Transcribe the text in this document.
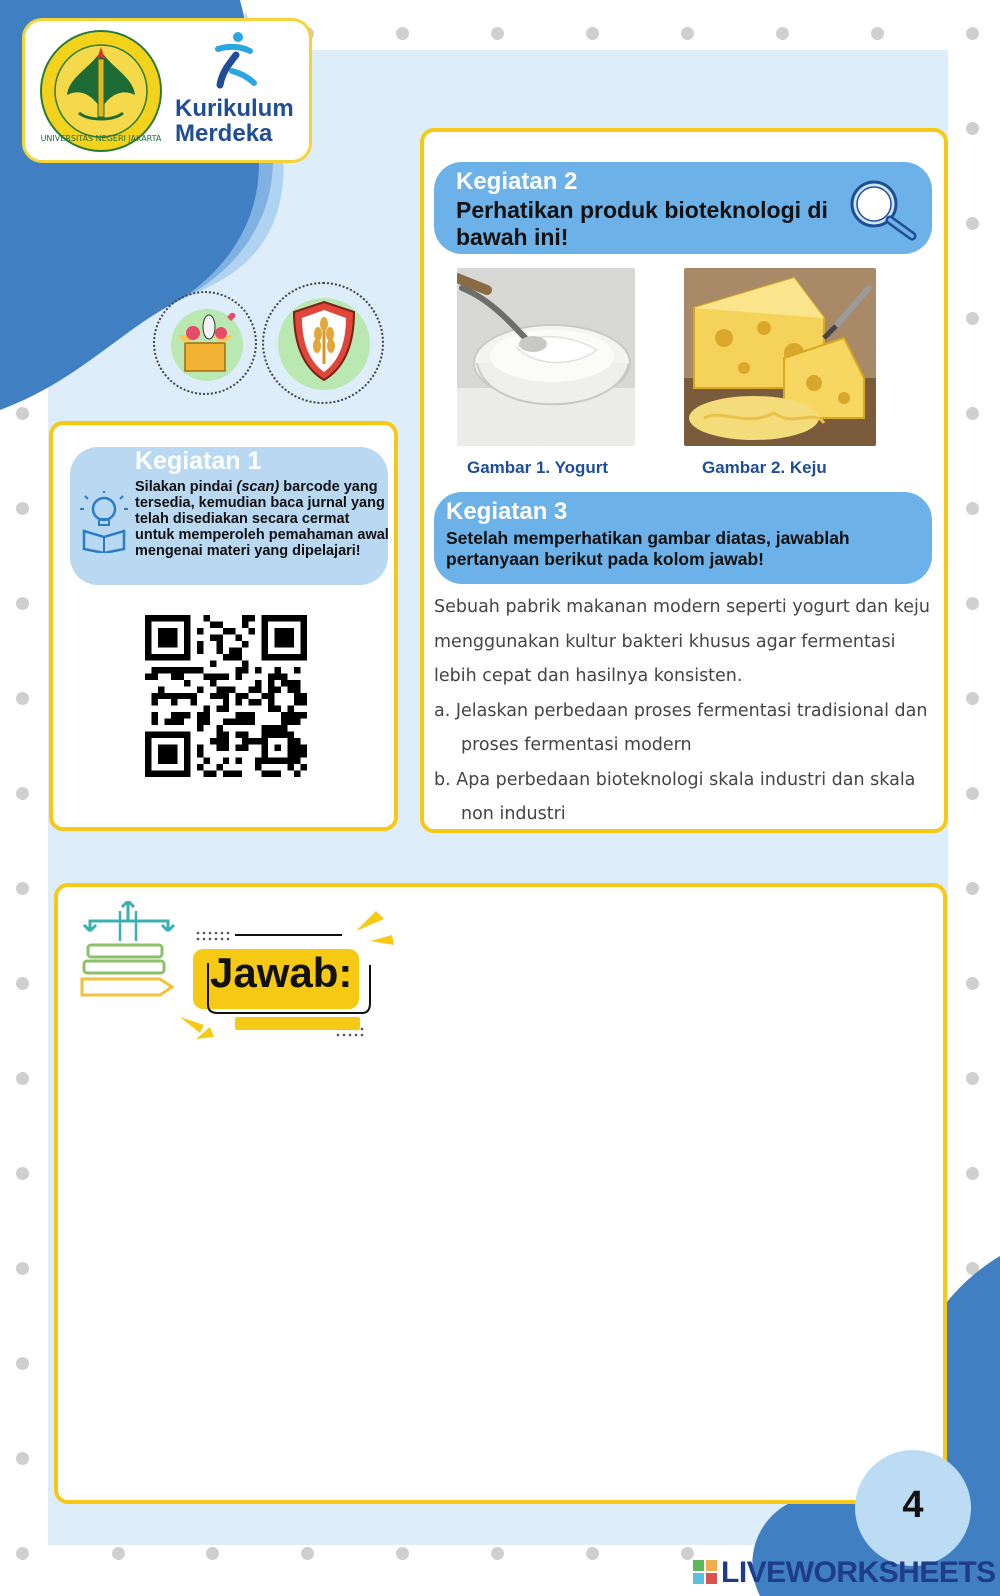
UNIVERSITAS NEGERI JAKARTA
Kurikulum
Merdeka
Kegiatan 1
Silakan pindai (scan) barcode yang tersedia, kemudian baca jurnal yang telah disediakan secara cermat untuk memperoleh pemahaman awal mengenai materi yang dipelajari!
Kegiatan 2
Perhatikan produk bioteknologi di bawah ini!
Gambar 1. Yogurt	Gambar 2. Keju
Kegiatan 3
Setelah memperhatikan gambar diatas, jawablah pertanyaan berikut pada kolom jawab!
Sebuah pabrik makanan modern seperti yogurt dan keju menggunakan kultur bakteri khusus agar fermentasi lebih cepat dan hasilnya konsisten.
a. Jelaskan perbedaan proses fermentasi tradisional dan proses fermentasi modern
b. Apa perbedaan bioteknologi skala industri dan skala non industri
Jawab:
4
LIVEWORKSHEETS
